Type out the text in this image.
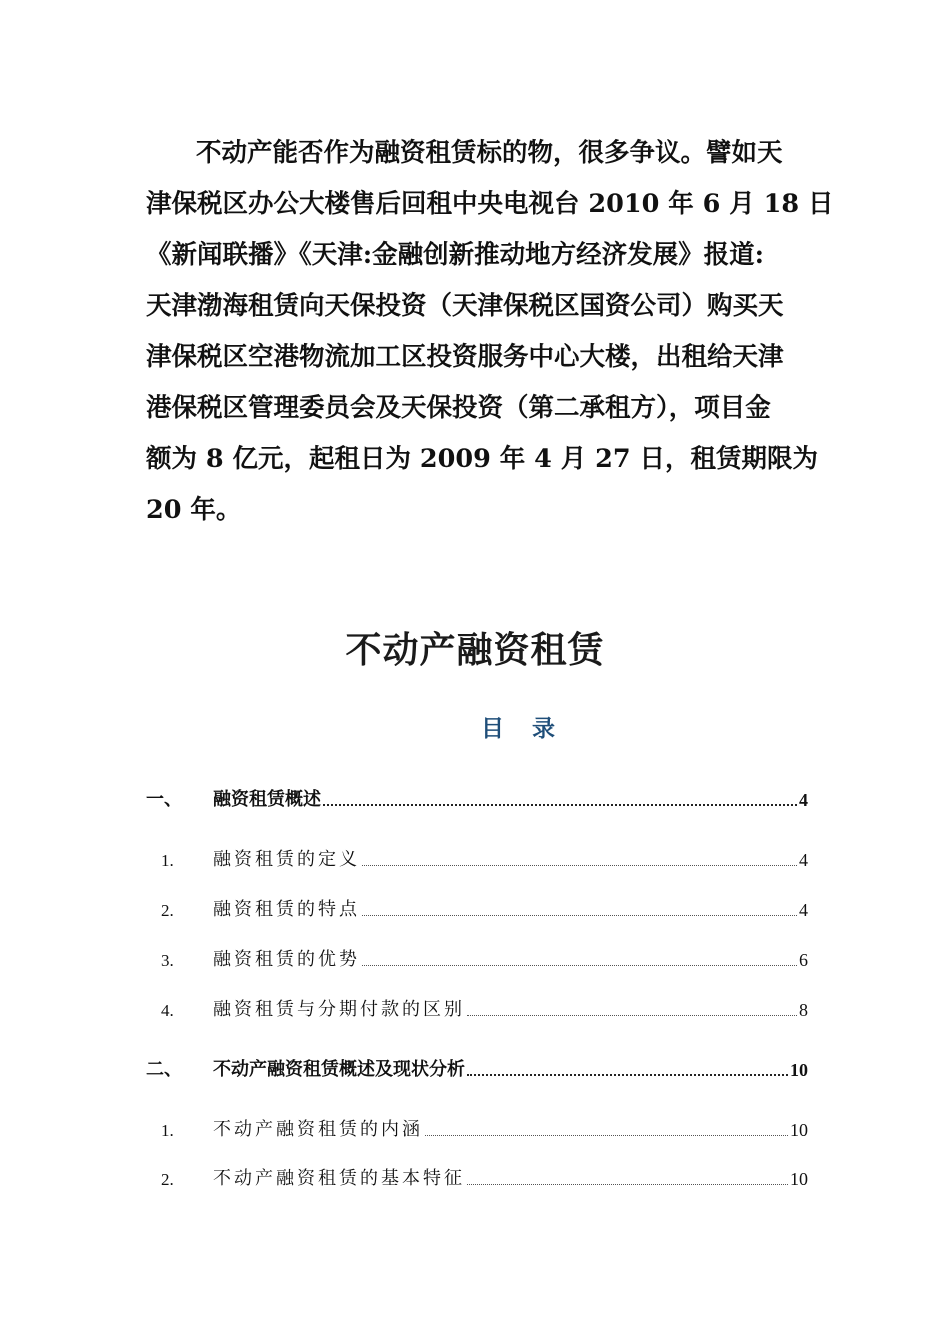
不动产能否作为融资租赁标的物，很多争议。譬如天
津保税区办公大楼售后回租中央电视台 2010 年 6 月 18 日
《新闻联播》《天津:金融创新推动地方经济发展》报道:
天津渤海租赁向天保投资（天津保税区国资公司）购买天
津保税区空港物流加工区投资服务中心大楼，出租给天津
港保税区管理委员会及天保投资（第二承租方），项目金
额为 8 亿元，起租日为 2009 年 4 月 27 日，租赁期限为
20 年。
不动产融资租赁
目 录
一、 融资租赁概述	4
1. 融资租赁的定义	4
2. 融资租赁的特点	4
3. 融资租赁的优势	6
4. 融资租赁与分期付款的区别	8
二、 不动产融资租赁概述及现状分析	10
1. 不动产融资租赁的内涵	10
2. 不动产融资租赁的基本特征	10
